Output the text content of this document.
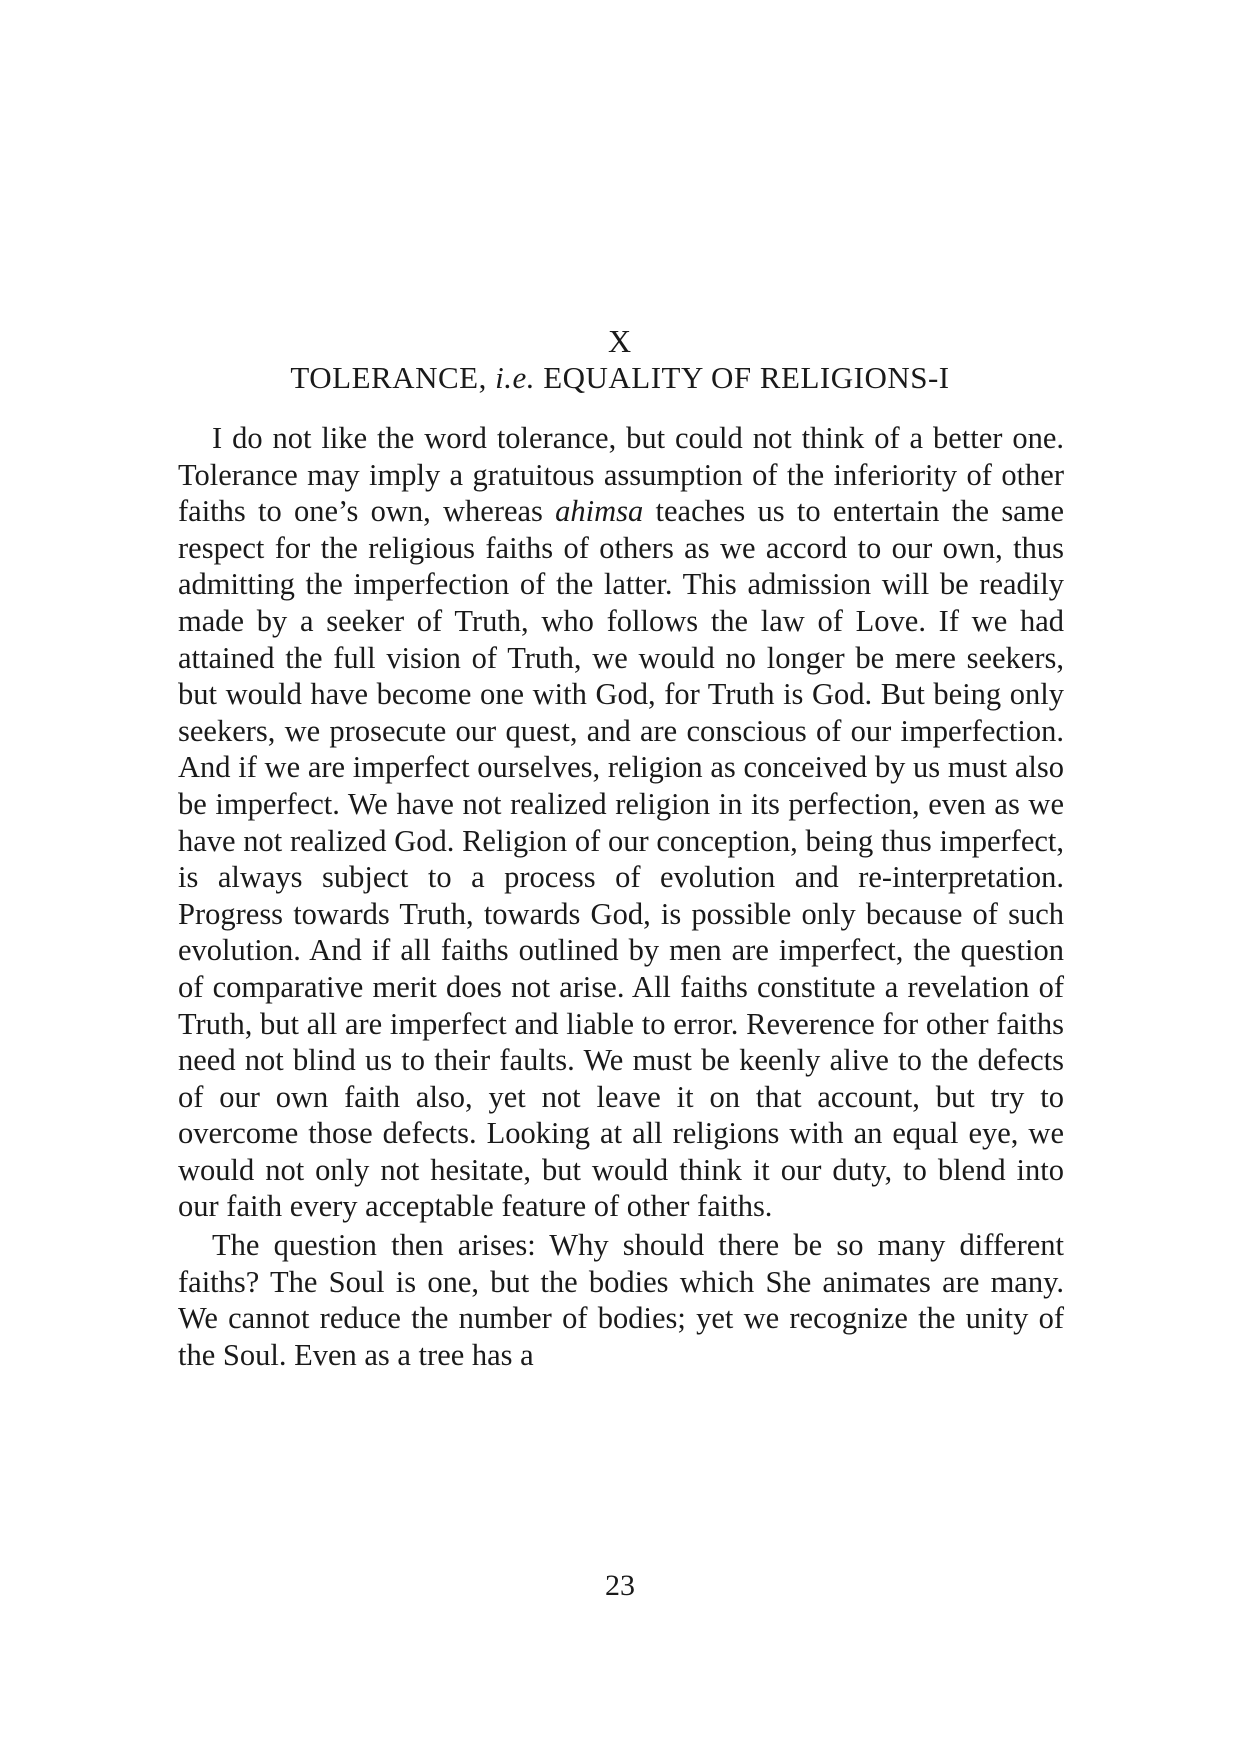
X
TOLERANCE, i.e. EQUALITY OF RELIGIONS-I

I do not like the word tolerance, but could not think of a better one. Tolerance may imply a gratuitous assumption of the inferiority of other faiths to one’s own, whereas ahimsa teaches us to entertain the same respect for the religious faiths of others as we accord to our own, thus admitting the imperfection of the latter. This admission will be readily made by a seeker of Truth, who follows the law of Love. If we had attained the full vision of Truth, we would no longer be mere seekers, but would have become one with God, for Truth is God. But being only seekers, we prosecute our quest, and are conscious of our imperfection. And if we are imperfect ourselves, religion as conceived by us must also be imperfect. We have not realized religion in its perfection, even as we have not realized God. Religion of our conception, being thus imperfect, is always subject to a process of evolution and re-interpretation. Progress towards Truth, towards God, is possible only because of such evolution. And if all faiths outlined by men are imperfect, the question of comparative merit does not arise. All faiths constitute a revelation of Truth, but all are imperfect and liable to error. Reverence for other faiths need not blind us to their faults. We must be keenly alive to the defects of our own faith also, yet not leave it on that account, but try to overcome those defects. Looking at all religions with an equal eye, we would not only not hesitate, but would think it our duty, to blend into our faith every acceptable feature of other faiths.

The question then arises: Why should there be so many different faiths? The Soul is one, but the bodies which She animates are many. We cannot reduce the number of bodies; yet we recognize the unity of the Soul. Even as a tree has a

23
